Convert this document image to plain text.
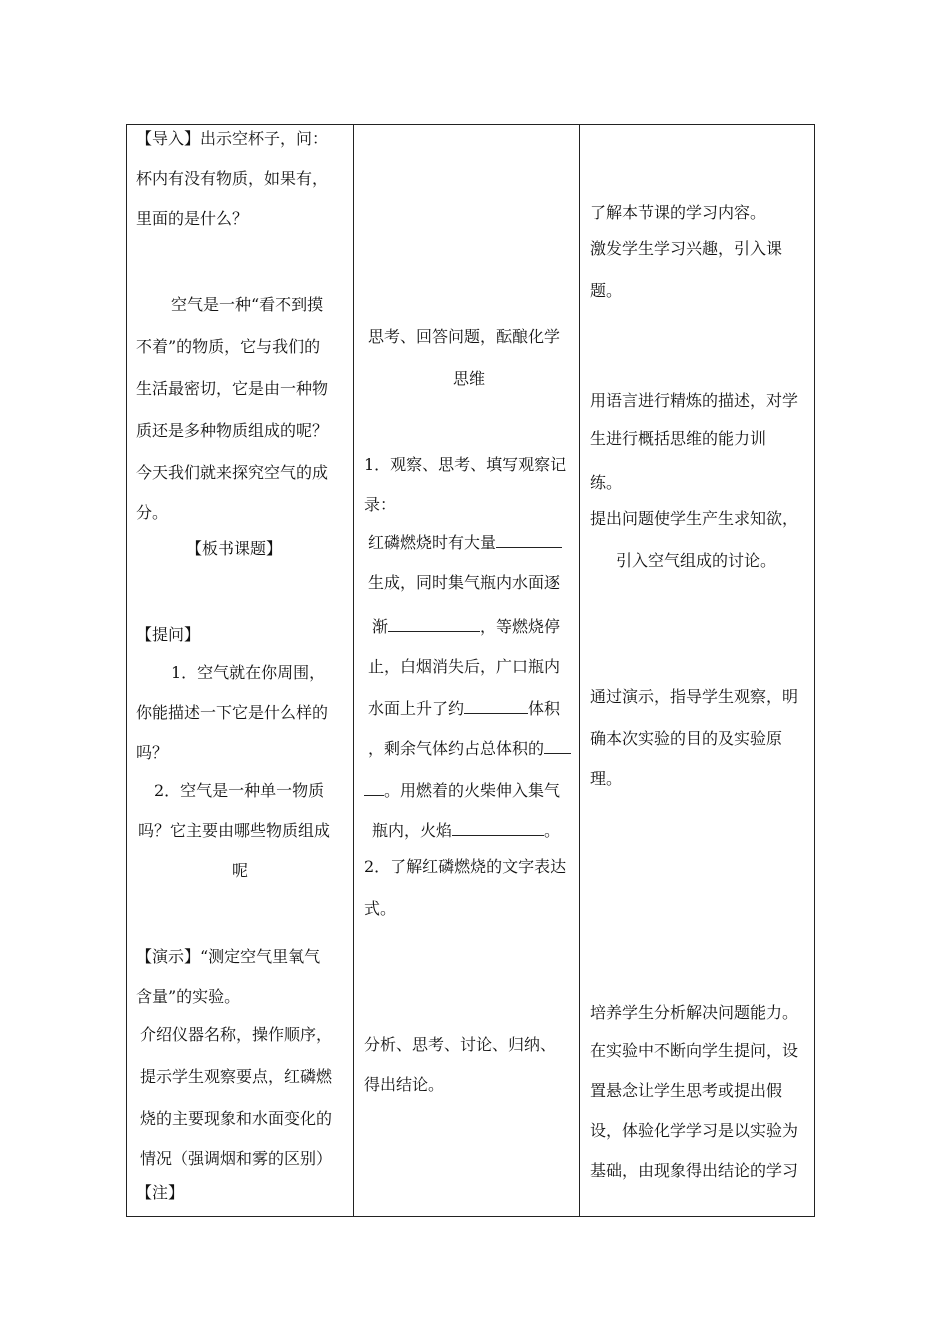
【导入】出示空杯子，问：
杯内有没有物质，如果有，
里面的是什么？
空气是一种“看不到摸
不着”的物质，它与我们的
生活最密切，它是由一种物
质还是多种物质组成的呢？
今天我们就来探究空气的成
分。
【板书课题】
【提问】
1．空气就在你周围，
你能描述一下它是什么样的
吗？
2．空气是一种单一物质
吗？它主要由哪些物质组成
呢
【演示】“测定空气里氧气
含量”的实验。
介绍仪器名称，操作顺序，
提示学生观察要点，红磷燃
烧的主要现象和水面变化的
情况（强调烟和雾的区别）
【注】
思考、回答问题，酝酿化学
思维
1．观察、思考、填写观察记
录：
红磷燃烧时有大量
生成，同时集气瓶内水面逐
渐	，等燃烧停
止，白烟消失后，广口瓶内
水面上升了约	体积
，剩余气体约占总体积的
。用燃着的火柴伸入集气
瓶内，火焰	。
2．了解红磷燃烧的文字表达
式。
分析、思考、讨论、归纳、
得出结论。
了解本节课的学习内容。
激发学生学习兴趣，引入课
题。
用语言进行精炼的描述，对学
生进行概括思维的能力训
练。
提出问题使学生产生求知欲，
引入空气组成的讨论。
通过演示，指导学生观察，明
确本次实验的目的及实验原
理。
培养学生分析解决问题能力。
在实验中不断向学生提问，设
置悬念让学生思考或提出假
设，体验化学学习是以实验为
基础，由现象得出结论的学习
